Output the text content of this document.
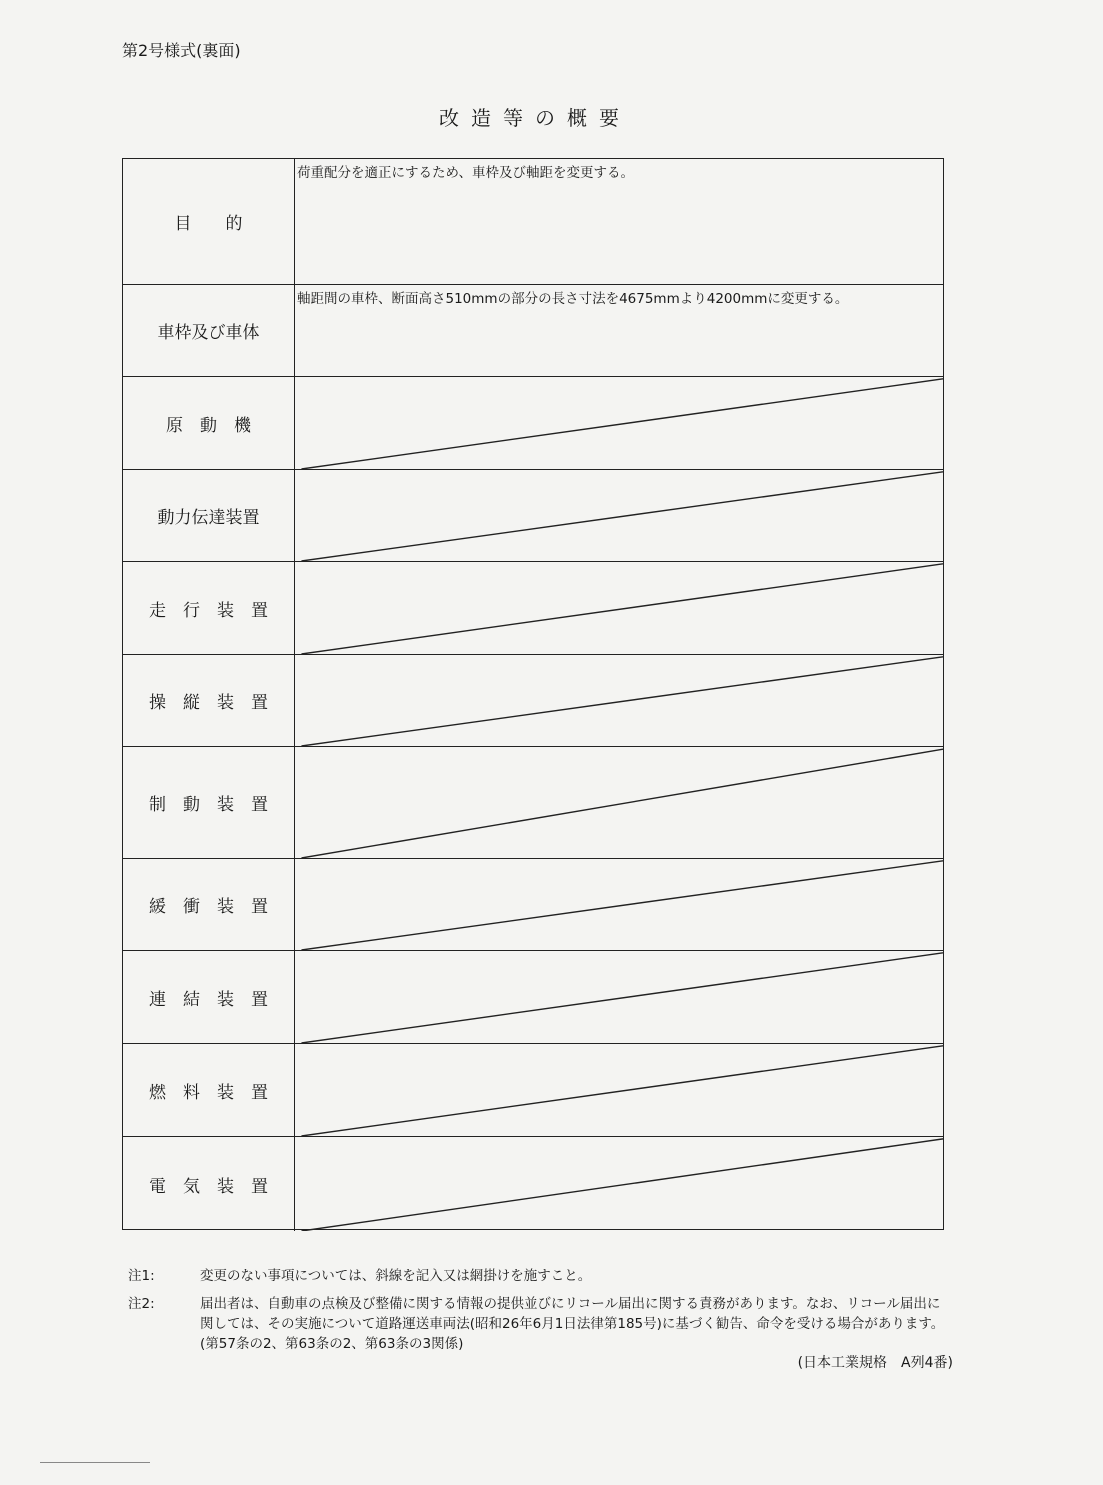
第2号様式(裏面)
改造等の概要
目　　的
荷重配分を適正にするため、車枠及び軸距を変更する。
車枠及び車体
軸距間の車枠、断面高さ510mmの部分の長さ寸法を4675mmより4200mmに変更する。
原　動　機
動力伝達装置
走　行　装　置
操　縦　装　置
制　動　装　置
緩　衝　装　置
連　結　装　置
燃　料　装　置
電　気　装　置
注1:	変更のない事項については、斜線を記入又は網掛けを施すこと。
注2:	届出者は、自動車の点検及び整備に関する情報の提供並びにリコール届出に関する責務があります。なお、リコール届出に関しては、その実施について道路運送車両法(昭和26年6月1日法律第185号)に基づく勧告、命令を受ける場合があります。(第57条の2、第63条の2、第63条の3関係)
(日本工業規格　A列4番)
